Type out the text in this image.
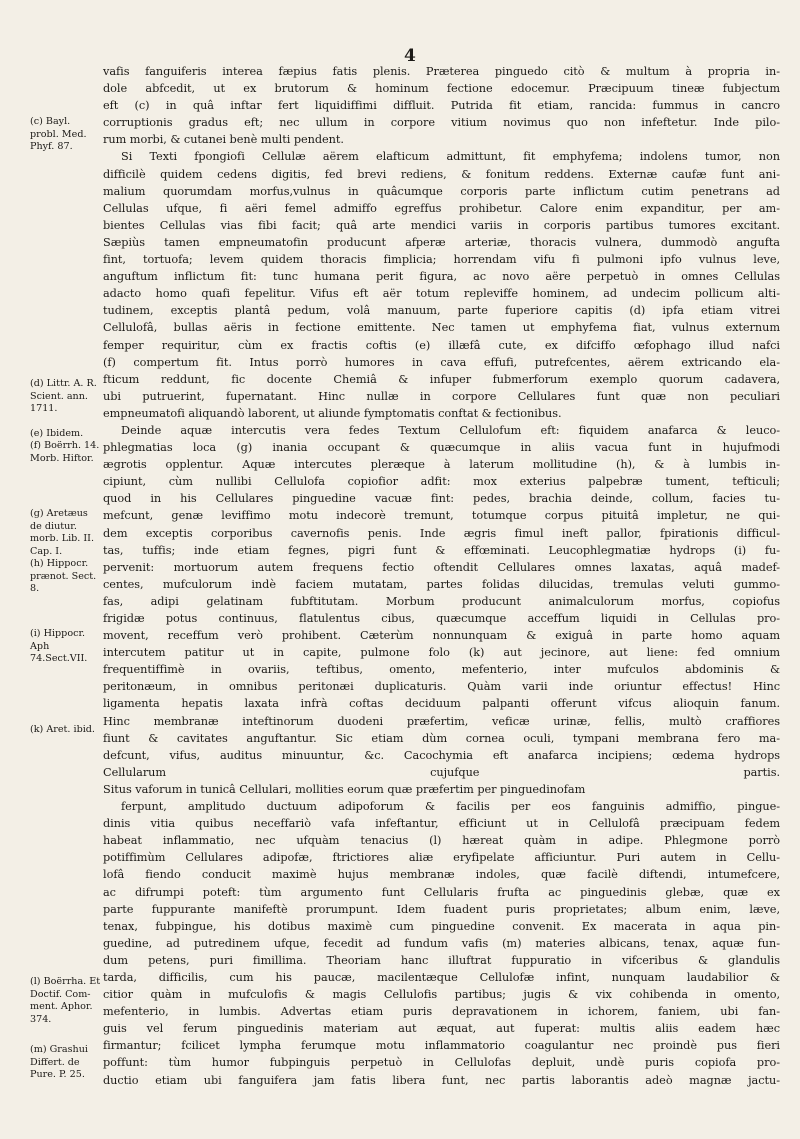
4
(c) Bayl. probl. Med. Phyf. 87.
(d) Littr. A. R. Scient. ann. 1711.
(e) Ibidem.
(f) Boërrh. 14. Morb. Hiftor.
(g) Aretæus de diutur. morb. Lib. II. Cap. I.
(h) Hippocr. prænot. Sect. 8.
(i) Hippocr. Aph 74.Sect.VII.
(k) Aret. ibid.
(l) Boërrha. Et Doctif. Com- ment. Aphor. 374.
(m) Grashui Differt. de Pure. P. 25.
vafis fanguiferis interea fæpius fatis plenis. Præterea pinguedo citò & multum à propria in-
dole abfcedit, ut ex brutorum & hominum fectione edocemur. Præcipuum tineæ fubjectum
eft (c) in quâ inftar fert liquidiffimi diffluit. Putrida fit etiam, rancida: fummus in cancro
corruptionis gradus eft; nec ullum in corpore vitium novimus quo non infeftetur. Inde pilo-
rum morbi, & cutanei benè multi pendent.
Si Texti fpongiofi Cellulæ aërem elafticum admittunt, fit emphyfema; indolens tumor, non
difficilè quidem cedens digitis, fed brevi rediens, & fonitum reddens. Externæ caufæ funt ani-
malium quorumdam morfus,vulnus in quâcumque corporis parte inflictum cutim penetrans ad
Cellulas ufque, fi aëri femel admiffo egreffus prohibetur. Calore enim expanditur, per am-
bientes Cellulas vias fibi facit; quâ arte mendici variis in corporis partibus tumores excitant.
Sæpiùs tamen empneumatofin producunt afperæ arteriæ, thoracis vulnera, dummodò angufta
fint, tortuofa; levem quidem thoracis fimplicia; horrendam vifu fi pulmoni ipfo vulnus leve,
anguftum inflictum fit: tunc humana perit figura, ac novo aëre perpetuò in omnes Cellulas
adacto homo quafi fepelitur. Vifus eft aër totum repleviffe hominem, ad undecim pollicum alti-
tudinem, exceptis plantâ pedum, volâ manuum, parte fuperiore capitis (d) ipfa etiam vitrei
Cellulofâ, bullas aëris in fectione emittente. Nec tamen ut emphyfema fiat, vulnus externum
femper requiritur, cùm ex fractis coftis (e) illæfâ cute, ex difciffo œfophago illud nafci
(f) compertum fit. Intus porrò humores in cava effufi, putrefcentes, aërem extricando ela-
fticum reddunt, fic docente Chemiâ & infuper fubmerforum exemplo quorum cadavera,
ubi putruerint, fupernatant. Hinc nullæ in corpore Cellulares funt quæ non peculiari
empneumatofi aliquandò laborent, ut aliunde fymptomatis conftat & fectionibus.
Deinde aquæ intercutis vera fedes Textum Cellulofum eft: fiquidem anafarca & leuco-
phlegmatias loca (g) inania occupant & quæcumque in aliis vacua funt in hujufmodi
ægrotis opplentur. Aquæ intercutes pleræque à laterum mollitudine (h), & à lumbis in-
cipiunt, cùm nullibi Cellulofa copiofior adfit: mox exterius palpebræ tument, tefticuli;
quod in his Cellulares pinguedine vacuæ fint: pedes, brachia deinde, collum, facies tu-
mefcunt, genæ leviffimo motu indecorè tremunt, totumque corpus pituitâ impletur, ne qui-
dem exceptis corporibus cavernofis penis. Inde ægris fimul ineft pallor, fpirationis difficul-
tas, tuffis; inde etiam fegnes, pigri funt & effœminati. Leucophlegmatiæ hydrops (i) fu-
pervenit: mortuorum autem frequens fectio oftendit Cellulares omnes laxatas, aquâ madef-
centes, mufculorum indè faciem mutatam, partes folidas dilucidas, tremulas veluti gummo-
fas, adipi gelatinam fubftitutam. Morbum producunt animalculorum morfus, copiofus
frigidæ potus continuus, flatulentus cibus, quæcumque acceffum liquidi in Cellulas pro-
movent, receffum verò prohibent. Cæterùm nonnunquam & exiguâ in parte homo aquam
intercutem patitur ut in capite, pulmone folo (k) aut jecinore, aut liene: fed omnium
frequentiffimè in ovariis, teftibus, omento, mefenterio, inter mufculos abdominis &
peritonæum, in omnibus peritonæi duplicaturis. Quàm varii inde oriuntur effectus! Hinc
ligamenta hepatis laxata infrà coftas deciduum palpanti offerunt vifcus alioquin fanum.
Hinc membranæ inteftinorum duodeni præfertim, veficæ urinæ, fellis, multò craffiores
fiunt & cavitates anguftantur. Sic etiam dùm cornea oculi, tympani membrana fero ma-
defcunt, vifus, auditus minuuntur, &c. Cacochymia eft anafarca incipiens; œdema hydrops
Cellularum cujufque partis.
Situs vaforum in tunicâ Cellulari, mollities eorum quæ præfertim per pinguedinofam
ferpunt, amplitudo ductuum adipoforum & facilis per eos fanguinis admiffio, pingue-
dinis vitia quibus neceffariò vafa infeftantur, efficiunt ut in Cellulofâ præcipuam fedem
habeat inflammatio, nec ufquàm tenacius (l) hæreat quàm in adipe. Phlegmone porrò
potiffimùm Cellulares adipofæ, ftrictiores aliæ eryfipelate afficiuntur. Puri autem in Cellu-
lofâ fiendo conducit maximè hujus membranæ indoles, quæ facilè diftendi, intumefcere,
ac difrumpi poteft: tùm argumento funt Cellularis frufta ac pinguedinis glebæ, quæ ex
parte fuppurante manifeftè prorumpunt. Idem fuadent puris proprietates; album enim, læve,
tenax, fubpingue, his dotibus maximè cum pinguedine convenit. Ex macerata in aqua pin-
guedine, ad putredinem ufque, fecedit ad fundum vafis (m) materies albicans, tenax, aquæ fun-
dum petens, puri fimillima. Theoriam hanc illuftrat fuppuratio in vifceribus & glandulis
tarda, difficilis, cum his paucæ, macilentæque Cellulofæ infint, nunquam laudabilior &
citior quàm in mufculofis & magis Cellulofis partibus; jugis & vix cohibenda in omento,
mefenterio, in lumbis. Advertas etiam puris depravationem in ichorem, faniem, ubi fan-
guis vel ferum pinguedinis materiam aut æquat, aut fuperat: multis aliis eadem hæc
firmantur; fcilicet lympha ferumque motu inflammatorio coagulantur nec proindè pus fieri
poffunt: tùm humor fubpinguis perpetuò in Cellulofas depluit, undè puris copiofa pro-
ductio etiam ubi fanguifera jam fatis libera funt, nec partis laborantis adeò magnæ jactu-
